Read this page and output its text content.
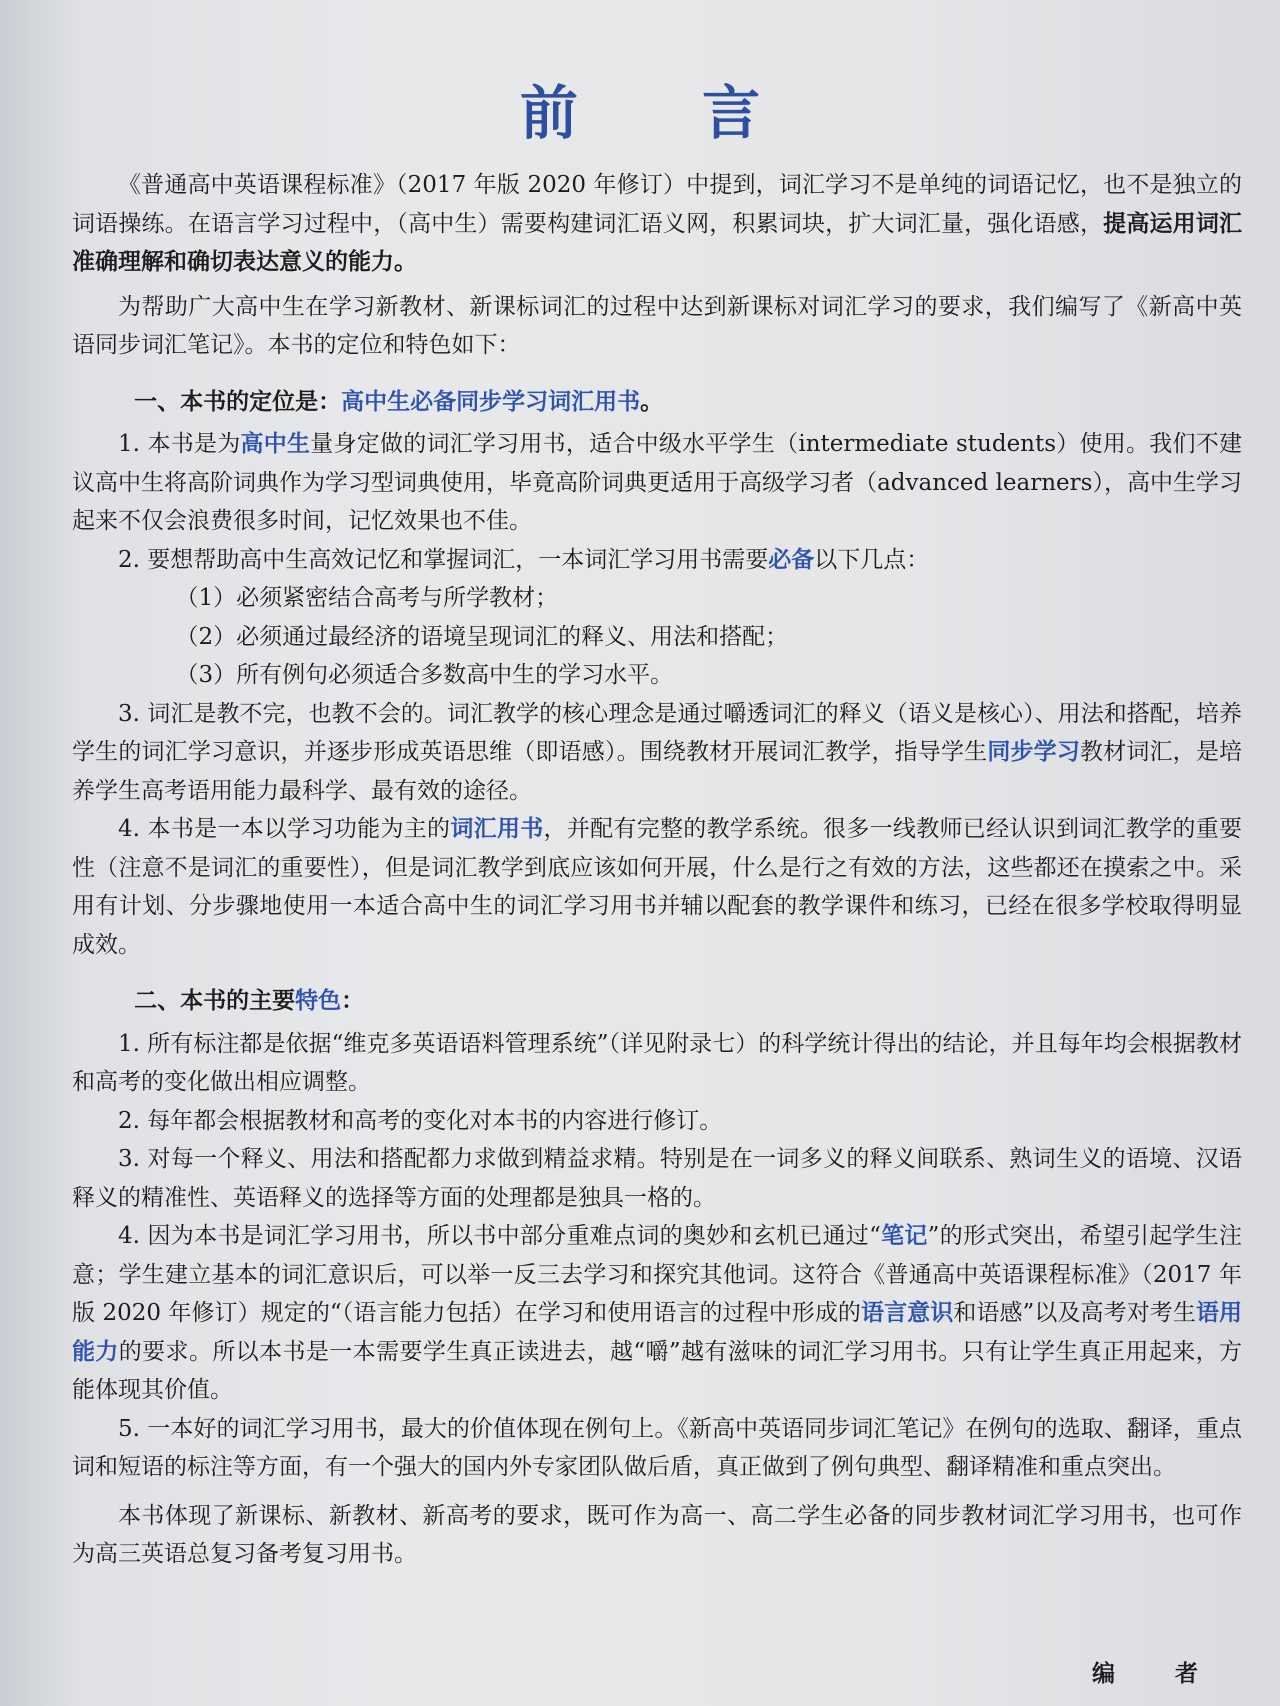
前 言

《普通高中英语课程标准》（2017 年版 2020 年修订）中提到，词汇学习不是单纯的词语记忆，也不是独立的词语操练。在语言学习过程中，（高中生）需要构建词汇语义网，积累词块，扩大词汇量，强化语感，提高运用词汇准确理解和确切表达意义的能力。

为帮助广大高中生在学习新教材、新课标词汇的过程中达到新课标对词汇学习的要求，我们编写了《新高中英语同步词汇笔记》。本书的定位和特色如下：

一、本书的定位是：高中生必备同步学习词汇用书。

1. 本书是为高中生量身定做的词汇学习用书，适合中级水平学生（intermediate students）使用。我们不建议高中生将高阶词典作为学习型词典使用，毕竟高阶词典更适用于高级学习者（advanced learners），高中生学习起来不仅会浪费很多时间，记忆效果也不佳。

2. 要想帮助高中生高效记忆和掌握词汇，一本词汇学习用书需要必备以下几点：

（1）必须紧密结合高考与所学教材；

（2）必须通过最经济的语境呈现词汇的释义、用法和搭配；

（3）所有例句必须适合多数高中生的学习水平。

3. 词汇是教不完，也教不会的。词汇教学的核心理念是通过嚼透词汇的释义（语义是核心）、用法和搭配，培养学生的词汇学习意识，并逐步形成英语思维（即语感）。围绕教材开展词汇教学，指导学生同步学习教材词汇，是培养学生高考语用能力最科学、最有效的途径。

4. 本书是一本以学习功能为主的词汇用书，并配有完整的教学系统。很多一线教师已经认识到词汇教学的重要性（注意不是词汇的重要性），但是词汇教学到底应该如何开展，什么是行之有效的方法，这些都还在摸索之中。采用有计划、分步骤地使用一本适合高中生的词汇学习用书并辅以配套的教学课件和练习，已经在很多学校取得明显成效。

二、本书的主要特色：

1. 所有标注都是依据“维克多英语语料管理系统”（详见附录七）的科学统计得出的结论，并且每年均会根据教材和高考的变化做出相应调整。

2. 每年都会根据教材和高考的变化对本书的内容进行修订。

3. 对每一个释义、用法和搭配都力求做到精益求精。特别是在一词多义的释义间联系、熟词生义的语境、汉语释义的精准性、英语释义的选择等方面的处理都是独具一格的。

4. 因为本书是词汇学习用书，所以书中部分重难点词的奥妙和玄机已通过“笔记”的形式突出，希望引起学生注意；学生建立基本的词汇意识后，可以举一反三去学习和探究其他词。这符合《普通高中英语课程标准》（2017 年版 2020 年修订）规定的“（语言能力包括）在学习和使用语言的过程中形成的语言意识和语感”以及高考对考生语用能力的要求。所以本书是一本需要学生真正读进去，越“嚼”越有滋味的词汇学习用书。只有让学生真正用起来，方能体现其价值。

5. 一本好的词汇学习用书，最大的价值体现在例句上。《新高中英语同步词汇笔记》在例句的选取、翻译，重点词和短语的标注等方面，有一个强大的国内外专家团队做后盾，真正做到了例句典型、翻译精准和重点突出。

本书体现了新课标、新教材、新高考的要求，既可作为高一、高二学生必备的同步教材词汇学习用书，也可作为高三英语总复习备考复习用书。

编 者
